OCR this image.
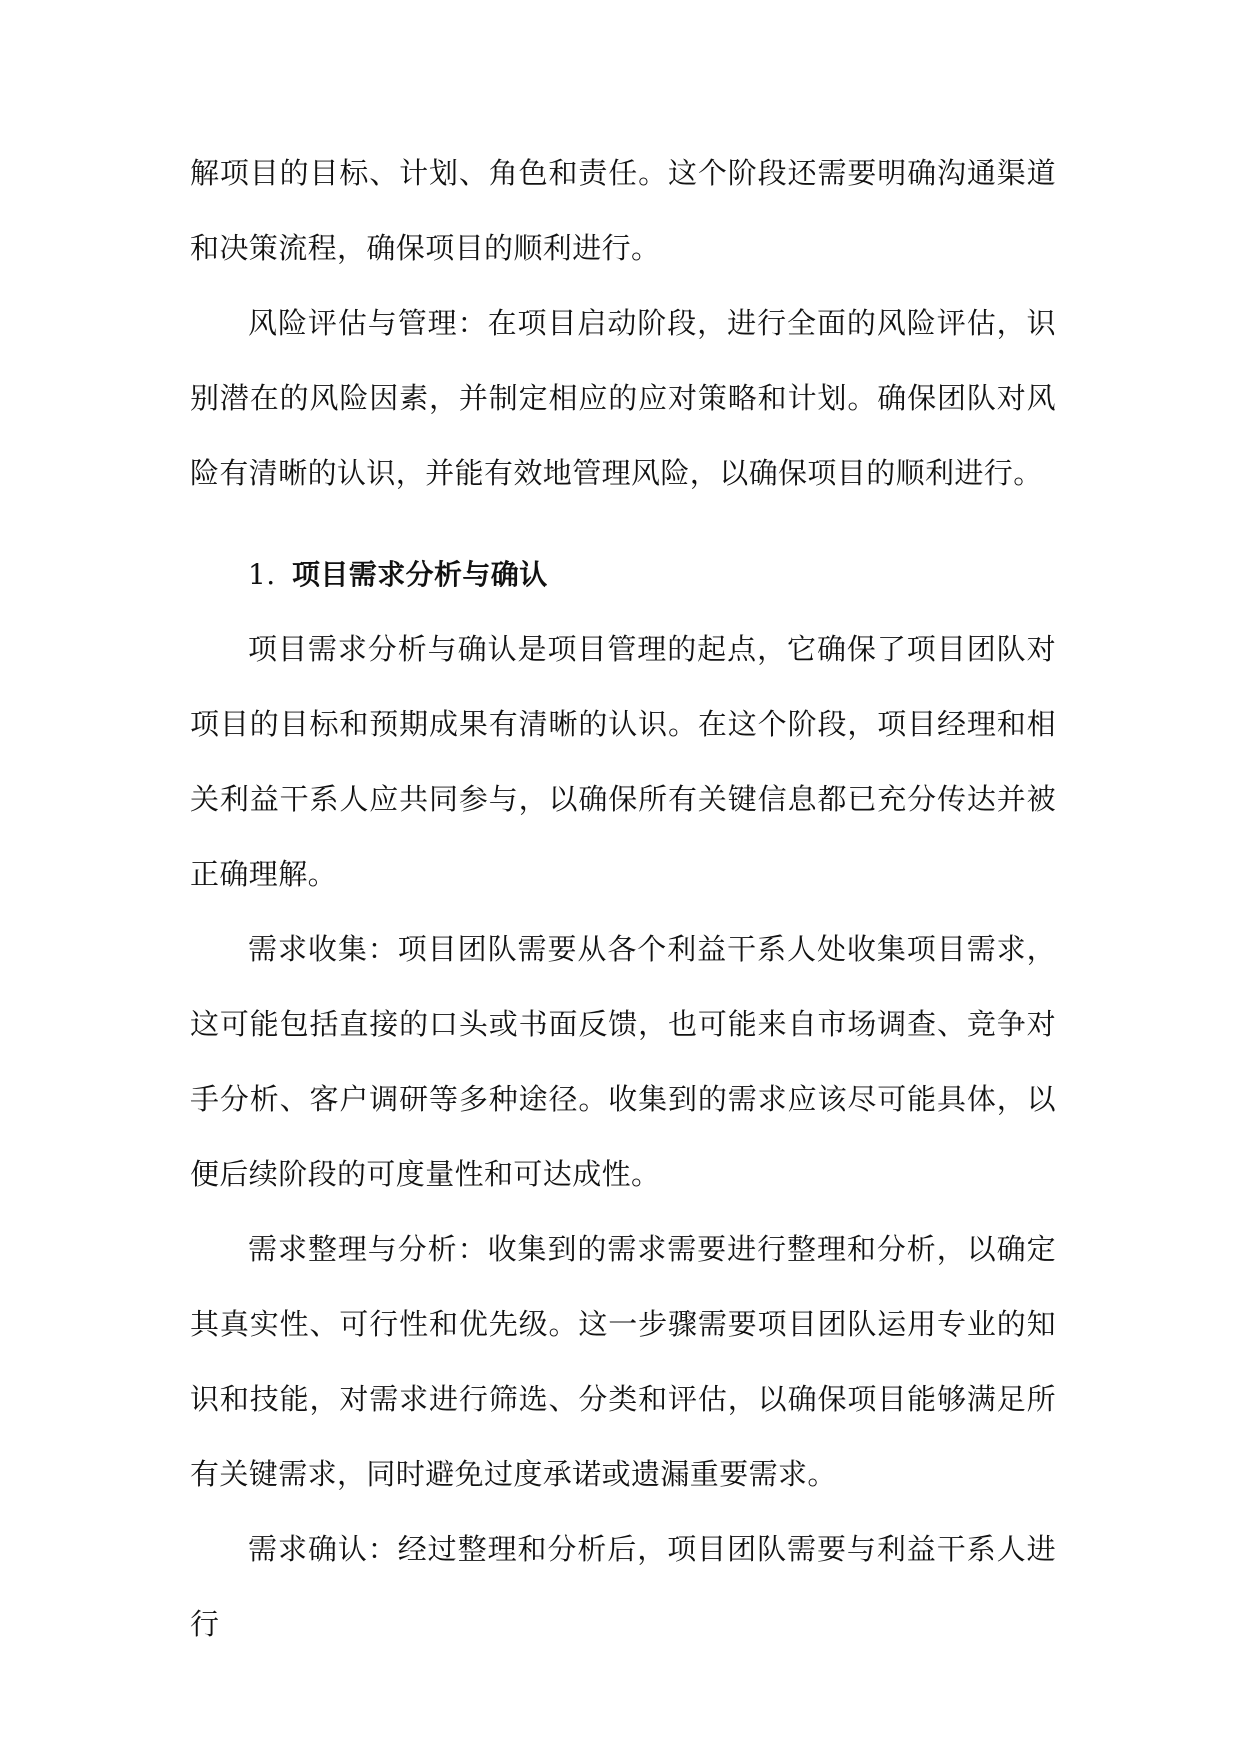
解项目的目标、计划、角色和责任。这个阶段还需要明确沟通渠道和决策流程，确保项目的顺利进行。

风险评估与管理：在项目启动阶段，进行全面的风险评估，识别潜在的风险因素，并制定相应的应对策略和计划。确保团队对风险有清晰的认识，并能有效地管理风险，以确保项目的顺利进行。

1. 项目需求分析与确认

项目需求分析与确认是项目管理的起点，它确保了项目团队对项目的目标和预期成果有清晰的认识。在这个阶段，项目经理和相关利益干系人应共同参与，以确保所有关键信息都已充分传达并被正确理解。

需求收集：项目团队需要从各个利益干系人处收集项目需求，这可能包括直接的口头或书面反馈，也可能来自市场调查、竞争对手分析、客户调研等多种途径。收集到的需求应该尽可能具体，以便后续阶段的可度量性和可达成性。

需求整理与分析：收集到的需求需要进行整理和分析，以确定其真实性、可行性和优先级。这一步骤需要项目团队运用专业的知识和技能，对需求进行筛选、分类和评估，以确保项目能够满足所有关键需求，同时避免过度承诺或遗漏重要需求。

需求确认：经过整理和分析后，项目团队需要与利益干系人进行
